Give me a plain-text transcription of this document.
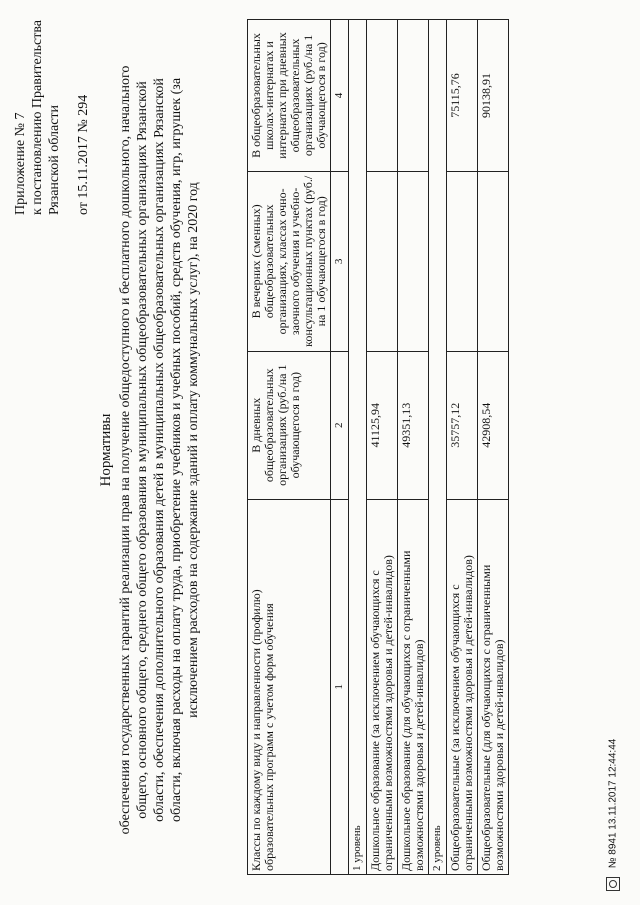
Приложение № 7 к постановлению Правительства Рязанской области от 15.11.2017 № 294
Нормативы обеспечения государственных гарантий реализации прав на получение общедоступного и бесплатного дошкольного, начального общего, основного общего, среднего общего образования в муниципальных общеобразовательных организациях Рязанской области, обеспечения дополнительного образования детей в муниципальных общеобразовательных организациях Рязанской области, включая расходы на оплату труда, приобретение учебников и учебных пособий, средств обучения, игр, игрушек (за исключением расходов на содержание зданий и оплату коммунальных услуг), на 2020 год
Классы по каждому виду и направленности (профилю) образовательных программ с учетом форм обучения	В дневных общеобразовательных организациях (руб./на 1 обучающегося в год)	В вечерних (сменных) общеобразовательных организациях, классах очно-заочного обучения и учебно-консультационных пунктах (руб./на 1 обучающегося в год)	В общеобразовательных школах-интернатах и интернатах при дневных общеобразовательных организациях (руб./на 1 обучающегося в год)
1	2	3	4
1 уровень			
Дошкольное образование (за исключением обучающихся с ограниченными возможностями здоровья и детей-инвалидов)	41125,94		
Дошкольное образование (для обучающихся с ограниченными возможностями здоровья и детей-инвалидов)	49351,13		
2 уровень			
Общеобразовательные (за исключением обучающихся с ограниченными возможностями здоровья и детей-инвалидов)	35757,12		75115,76
Общеобразовательные (для обучающихся с ограниченными возможностями здоровья и детей-инвалидов)	42908,54		90138,91
№ 8941 13.11.2017 12:44:44
